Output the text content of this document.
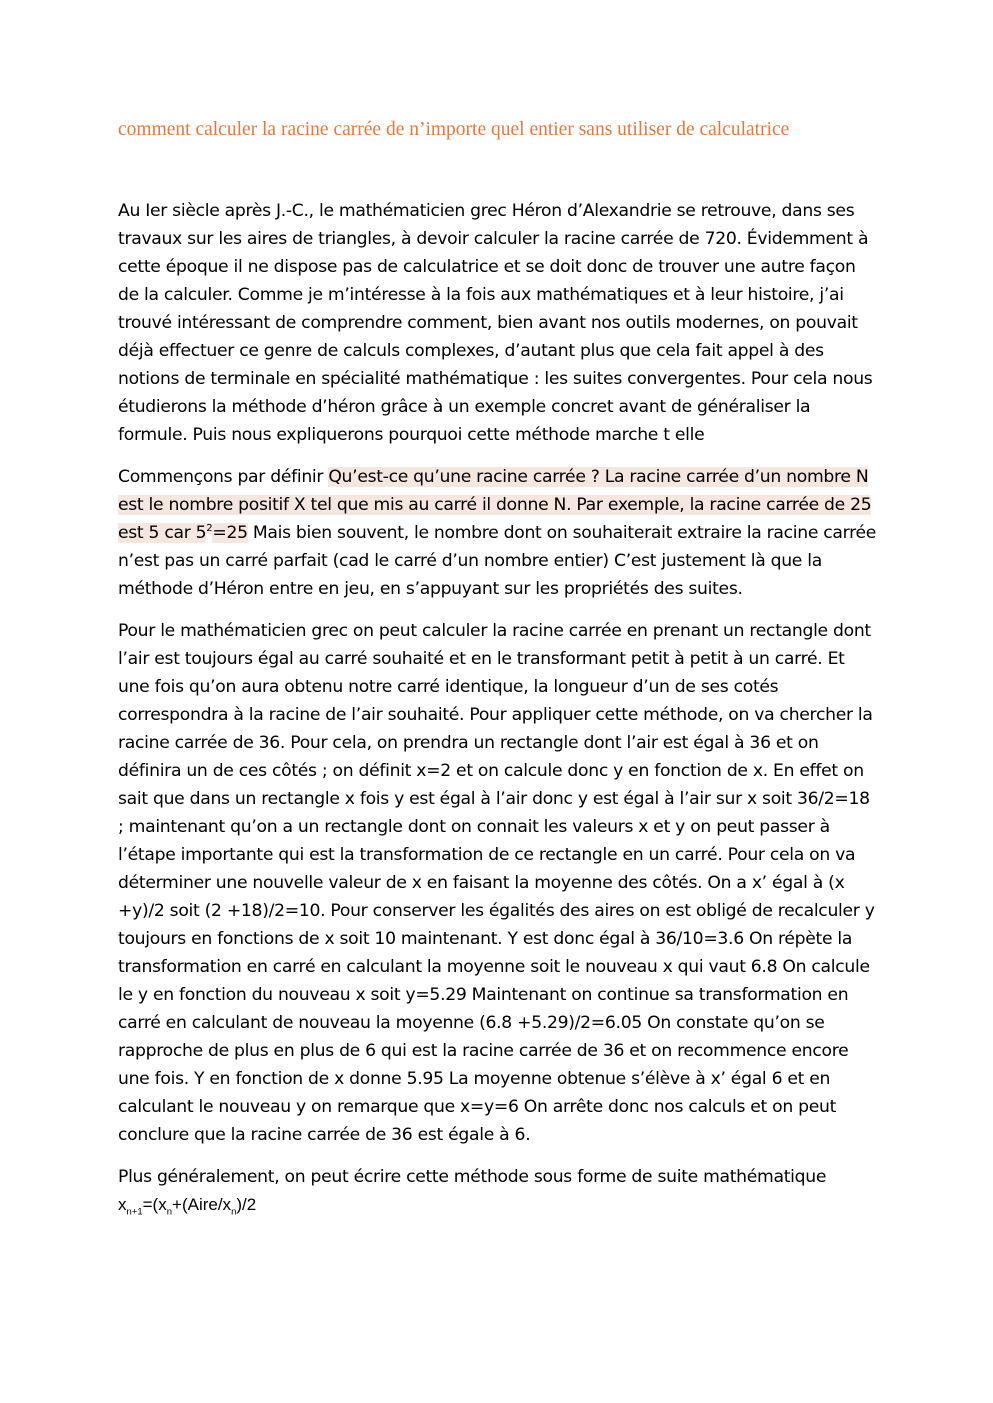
comment calculer la racine carrée de n’importe quel entier sans utiliser de calculatrice

Au Ier siècle après J.-C., le mathématicien grec Héron d’Alexandrie se retrouve, dans ses travaux sur les aires de triangles, à devoir calculer la racine carrée de 720. Évidemment à cette époque il ne dispose pas de calculatrice et se doit donc de trouver une autre façon de la calculer. Comme je m’intéresse à la fois aux mathématiques et à leur histoire, j’ai trouvé intéressant de comprendre comment, bien avant nos outils modernes, on pouvait déjà effectuer ce genre de calculs complexes, d’autant plus que cela fait appel à des notions de terminale en spécialité mathématique : les suites convergentes. Pour cela nous étudierons la méthode d’héron grâce à un exemple concret avant de généraliser la formule. Puis nous expliquerons pourquoi cette méthode marche t elle

Commençons par définir Qu’est-ce qu’une racine carrée ? La racine carrée d’un nombre N est le nombre positif X tel que mis au carré il donne N. Par exemple, la racine carrée de 25 est 5 car $5^2=25$ Mais bien souvent, le nombre dont on souhaiterait extraire la racine carrée n’est pas un carré parfait (cad le carré d’un nombre entier) C’est justement là que la méthode d’Héron entre en jeu, en s’appuyant sur les propriétés des suites.

Pour le mathématicien grec on peut calculer la racine carrée en prenant un rectangle dont l’air est toujours égal au carré souhaité et en le transformant petit à petit à un carré. Et une fois qu’on aura obtenu notre carré identique, la longueur d’un de ses cotés correspondra à la racine de l’air souhaité. Pour appliquer cette méthode, on va chercher la racine carrée de 36. Pour cela, on prendra un rectangle dont l’air est égal à 36 et on définira un de ces côtés ; on définit x=2 et on calcule donc y en fonction de x. En effet on sait que dans un rectangle x fois y est égal à l’air donc y est égal à l’air sur x soit 36/2=18 ; maintenant qu’on a un rectangle dont on connait les valeurs x et y on peut passer à l’étape importante qui est la transformation de ce rectangle en un carré. Pour cela on va déterminer une nouvelle valeur de x en faisant la moyenne des côtés. On a x’ égal à (x +y)/2 soit (2 +18)/2=10. Pour conserver les égalités des aires on est obligé de recalculer y toujours en fonctions de x soit 10 maintenant. Y est donc égal à 36/10=3.6 On répète la transformation en carré en calculant la moyenne soit le nouveau x qui vaut 6.8 On calcule le y en fonction du nouveau x soit y=5.29 Maintenant on continue sa transformation en carré en calculant de nouveau la moyenne (6.8 +5.29)/2=6.05 On constate qu’on se rapproche de plus en plus de 6 qui est la racine carrée de 36 et on recommence encore une fois. Y en fonction de x donne 5.95 La moyenne obtenue s’élève à x’ égal 6 et en calculant le nouveau y on remarque que x=y=6 On arrête donc nos calculs et on peut conclure que la racine carrée de 36 est égale à 6.

Plus généralement, on peut écrire cette méthode sous forme de suite mathématique
$x_{n+1}=(x_n+(Aire/x_n)/2$
